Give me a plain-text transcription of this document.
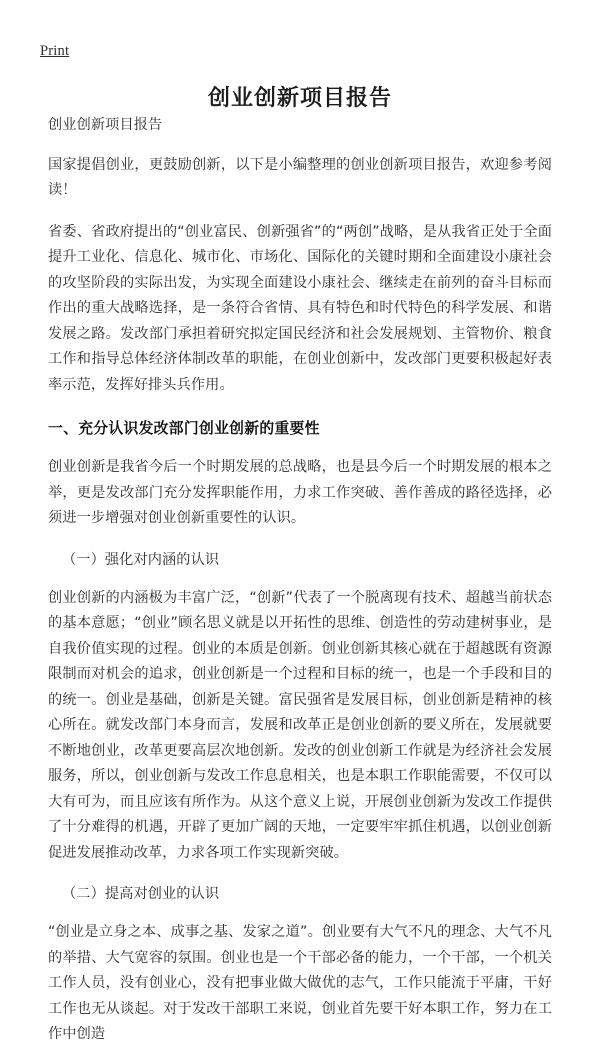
Print
创业创新项目报告

创业创新项目报告

国家提倡创业，更鼓励创新，以下是小编整理的创业创新项目报告，欢迎参考阅读！

省委、省政府提出的“创业富民、创新强省”的“两创”战略，是从我省正处于全面提升工业化、信息化、城市化、市场化、国际化的关键时期和全面建设小康社会的攻坚阶段的实际出发，为实现全面建设小康社会、继续走在前列的奋斗目标而作出的重大战略选择，是一条符合省情、具有特色和时代特色的科学发展、和谐发展之路。发改部门承担着研究拟定国民经济和社会发展规划、主管物价、粮食工作和指导总体经济体制改革的职能，在创业创新中，发改部门更要积极起好表率示范，发挥好排头兵作用。

一、充分认识发改部门创业创新的重要性

创业创新是我省今后一个时期发展的总战略，也是县今后一个时期发展的根本之举，更是发改部门充分发挥职能作用，力求工作突破、善作善成的路径选择，必须进一步增强对创业创新重要性的认识。

（一）强化对内涵的认识

创业创新的内涵极为丰富广泛，“创新”代表了一个脱离现有技术、超越当前状态的基本意愿；“创业”顾名思义就是以开拓性的思维、创造性的劳动建树事业，是自我价值实现的过程。创业的本质是创新。创业创新其核心就在于超越既有资源限制而对机会的追求，创业创新是一个过程和目标的统一，也是一个手段和目的的统一。创业是基础，创新是关键。富民强省是发展目标，创业创新是精神的核心所在。就发改部门本身而言，发展和改革正是创业创新的要义所在，发展就要不断地创业，改革更要高层次地创新。发改的创业创新工作就是为经济社会发展服务，所以，创业创新与发改工作息息相关，也是本职工作职能需要，不仅可以大有可为，而且应该有所作为。从这个意义上说，开展创业创新为发改工作提供了十分难得的机遇，开辟了更加广阔的天地，一定要牢牢抓住机遇，以创业创新促进发展推动改革，力求各项工作实现新突破。

（二）提高对创业的认识

“创业是立身之本、成事之基、发家之道”。创业要有大气不凡的理念、大气不凡的举措、大气宽容的氛围。创业也是一个干部必备的能力，一个干部，一个机关工作人员，没有创业心，没有把事业做大做优的志气，工作只能流于平庸，干好工作也无从谈起。对于发改干部职工来说，创业首先要干好本职工作，努力在工作中创造
